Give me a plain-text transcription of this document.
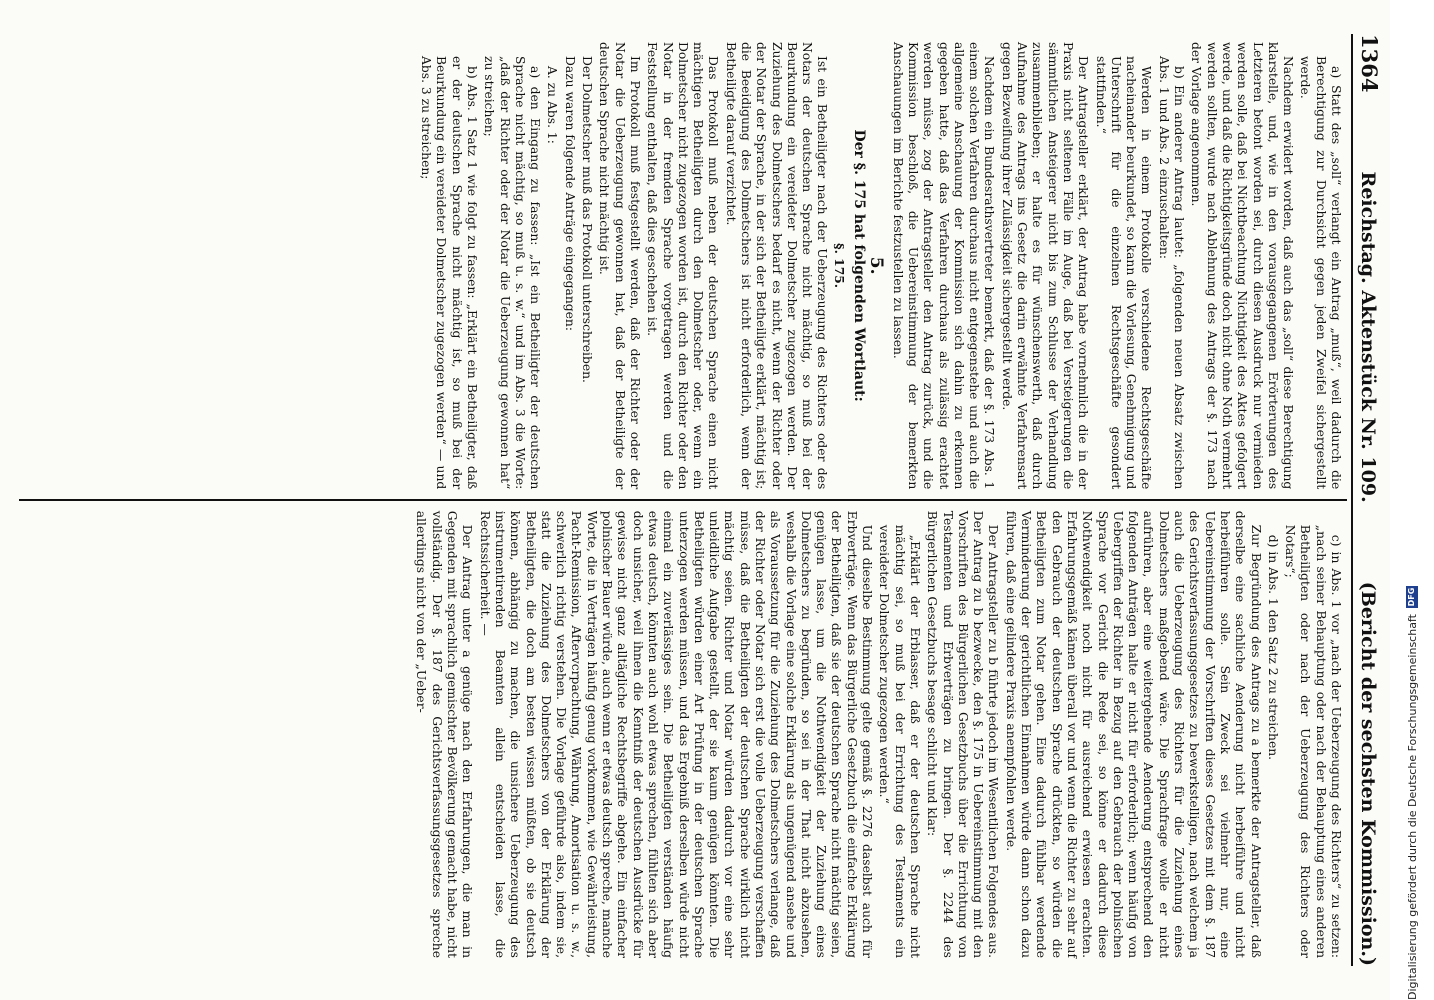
1364
Reichstag. Aktenstück Nr. 109.
(Bericht der sechsten Kommission.)

a) Statt des „soll“ verlangt ein Antrag „muß“, weil dadurch die Berechtigung zur Durchsicht gegen jeden Zweifel sichergestellt werde.

Nachdem erwidert worden, daß auch das „soll“ diese Berechtigung klarstelle, und, wie in den vorausgegangenen Erörterungen des Letzteren betont worden sei, durch diesen Ausdruck nur vermieden werden solle, daß bei Nichtbeachtung Nichtigkeit des Aktes gefolgert werde, und daß die Richtigkeitsgründe doch nicht ohne Noth vermehrt werden sollten, wurde nach Ablehnung des Antrags der §. 173 nach der Vorlage angenommen.

b) Ein anderer Antrag lautet: „folgenden neuen Absatz zwischen Abs. 1 und Abs. 2 einzuschalten:

Werden in einem Protokolle verschiedene Rechtsgeschäfte nacheinander beurkundet, so kann die Vorlesung, Genehmigung und Unterschrift für die einzelnen Rechtsgeschäfte gesondert stattfinden.“

Der Antragsteller erklärt, der Antrag habe vornehmlich die in der Praxis nicht seltenen Fälle im Auge, daß bei Versteigerungen die sämmtlichen Ansteigerer nicht bis zum Schlusse der Verhandlung zusammenblieben; er halte es für wünschenswerth, daß durch Aufnahme des Antrags ins Gesetz die darin erwähnte Verfahrensart gegen Bezweiflung ihrer Zulässigkeit sichergestellt werde.

Nachdem ein Bundesrathsvertreter bemerkt, daß der §. 173 Abs. 1 einem solchen Verfahren durchaus nicht entgegenstehe und auch die allgemeine Anschauung der Kommission sich dahin zu erkennen gegeben hatte, daß das Verfahren durchaus als zulässig erachtet werden müsse, zog der Antragsteller den Antrag zurück, und die Kommission beschloß, die Uebereinstimmung der bemerkten Anschauungen im Berichte festzustellen zu lassen.

5.

Der §. 175 hat folgenden Wortlaut:

§. 175.

Ist ein Betheiligter nach der Ueberzeugung des Richters oder des Notars der deutschen Sprache nicht mächtig, so muß bei der Beurkundung ein vereideter Dolmetscher zugezogen werden. Der Zuziehung des Dolmetschers bedarf es nicht, wenn der Richter oder der Notar der Sprache, in der sich der Betheiligte erklärt, mächtig ist; die Beeidigung des Dolmetschers ist nicht erforderlich, wenn der Betheiligte darauf verzichtet.

Das Protokoll muß neben der deutschen Sprache einen nicht mächtigen Betheiligten durch den Dolmetscher oder, wenn ein Dolmetscher nicht zugezogen worden ist, durch den Richter oder den Notar in der fremden Sprache vorgetragen werden und die Feststellung enthalten, daß dies geschehen ist.

Im Protokoll muß festgestellt werden, daß der Richter oder der Notar die Ueberzeugung gewonnen hat, daß der Betheiligte der deutschen Sprache nicht mächtig ist.

Der Dolmetscher muß das Protokoll unterschreiben.

Dazu waren folgende Anträge eingegangen:

A. zu Abs. 1:

a) den Eingang zu fassen: „Ist ein Betheiligter der deutschen Sprache nicht mächtig, so muß u. s. w.“ und im Abs. 3 die Worte: „daß der Richter oder der Notar die Ueberzeugung gewonnen hat“ zu streichen;

b) Abs. 1 Satz 1 wie folgt zu fassen: „Erklärt ein Betheiligter, daß er der deutschen Sprache nicht mächtig ist, so muß bei der Beurkundung ein vereideter Dolmetscher zugezogen werden“ — und Abs. 3 zu streichen;

c) in Abs. 1 vor „nach der Ueberzeugung des Richters“ zu setzen: „nach seiner Behauptung oder nach der Behauptung eines anderen Betheiligten oder nach der Ueberzeugung des Richters oder Notars“;

d) in Abs. 1 den Satz 2 zu streichen.

Zur Begründung des Antrags zu a bemerkte der Antragsteller, daß derselbe eine sachliche Aenderung nicht herbeiführe und nicht herbeiführen solle. Sein Zweck sei vielmehr nur, eine Uebereinstimmung der Vorschriften dieses Gesetzes mit dem §. 187 des Gerichtsverfassungsgesetzes zu bewerkstelligen, nach welchem ja auch die Ueberzeugung des Richters für die Zuziehung eines Dolmetschers maßgebend wäre. Die Sprachfrage wolle er nicht aufrühren, aber eine weitergehende Aenderung entsprechend den folgenden Anträgen halte er nicht für erforderlich; wenn häufig von Uebergriffen der Richter in Bezug auf den Gebrauch der polnischen Sprache vor Gericht die Rede sei, so könne er dadurch diese Nothwendigkeit noch nicht für ausreichend erwiesen erachten. Erfahrungsgemäß kämen überall vor und wenn die Richter zu sehr auf den Gebrauch der deutschen Sprache drückten, so würden die Betheiligten zum Notar gehen. Eine dadurch fühlbar werdende Verminderung der gerichtlichen Einnahmen würde dann schon dazu führen, daß eine gelindere Praxis anempfohlen werde.

Der Antragsteller zu b führte jedoch im Wesentlichen Folgendes aus. Der Antrag zu b bezwecke, den §. 175 in Uebereinstimmung mit den Vorschriften des Bürgerlichen Gesetzbuchs über die Errichtung von Testamenten und Erbverträgen zu bringen. Der §. 2244 des Bürgerlichen Gesetzbuchs besage schlicht und klar:

„Erklärt der Erblasser, daß er der deutschen Sprache nicht mächtig sei, so muß bei der Errichtung des Testaments ein vereideter Dolmetscher zugezogen werden.“

Und dieselbe Bestimmung gelte gemäß §. 2276 daselbst auch für Erbverträge. Wenn das Bürgerliche Gesetzbuch die einfache Erklärung der Betheiligten, daß sie der deutschen Sprache nicht mächtig seien, genügen lasse, um die Nothwendigkeit der Zuziehung eines Dolmetschers zu begründen, so sei in der That nicht abzusehen, weshalb die Vorlage eine solche Erklärung als ungenügend ansehe und als Voraussetzung für die Zuziehung des Dolmetschers verlange, daß der Richter oder Notar sich erst die volle Ueberzeugung verschaffen müsse, daß die Betheiligten der deutschen Sprache wirklich nicht mächtig seien. Richter und Notar würden dadurch vor eine sehr unleidliche Aufgabe gestellt, der sie kaum genügen könnten. Die Betheiligten würden einer Art Prüfung in der deutschen Sprache unterzogen werden müssen, und das Ergebniß derselben würde nicht einmal ein zuverlässiges sein. Die Betheiligten verständen häufig etwas deutsch, könnten auch wohl etwas sprechen, fühlten sich aber doch unsicher, weil ihnen die Kenntniß der deutschen Ausdrücke für gewisse nicht ganz alltägliche Rechtsbegriffe abgehe. Ein einfacher polnischer Bauer würde, auch wenn er etwas deutsch spreche, manche Worte, die in Verträgen häufig genug vorkommen, wie Gewährleistung, Pacht-Remission, Aftervcrpachtung, Währung, Amortisation u. s. w., schwerlich richtig verstehen. Die Vorlage geführde also, indem sie, statt die Zuziehung des Dolmetschers von der Erklärung der Betheiligten, die doch am besten wissen müßten, ob sie deutsch können, abhängig zu machen, die unsichere Ueberzeugung des instrumentirenden Beamten allein entscheiden lasse, die Rechtssicherheit. —

Der Antrag unter a genüge nach den Erfahrungen, die man in Gegenden mit sprachlich gemischter Bevölkerung gemacht habe, nicht vollständig. Der §. 187 des Gerichtsverfassungsgesetzes spreche allerdings nicht von der „Ueber-

Digitalisierung gefördert durch die Deutsche Forschungsgemeinschaft
DFG
